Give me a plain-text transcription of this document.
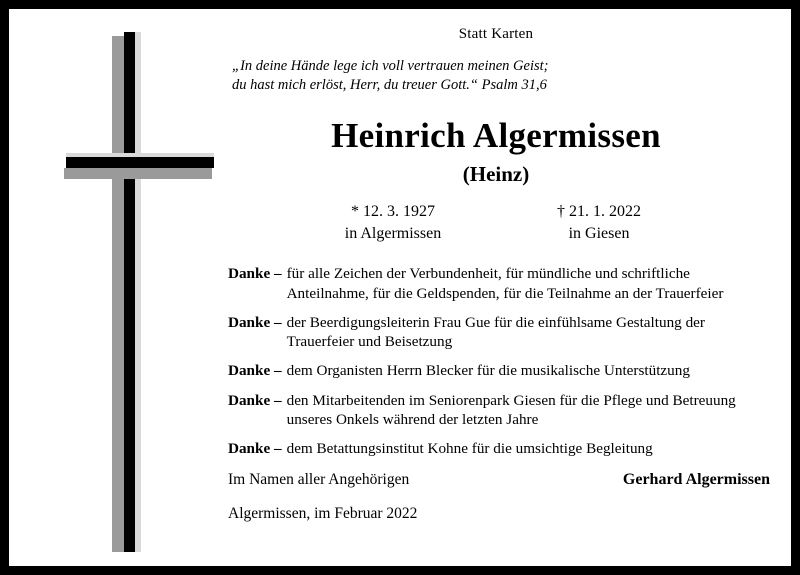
Statt Karten
„In deine Hände lege ich voll vertrauen meinen Geist;
du hast mich erlöst, Herr, du treuer Gott.“ Psalm 31,6
Heinrich Algermissen
(Heinz)
* 12. 3. 1927
in Algermissen
† 21. 1. 2022
in Giesen
Danke – für alle Zeichen der Verbundenheit, für mündliche und schriftliche Anteilnahme, für die Geldspenden, für die Teilnahme an der Trauerfeier
Danke – der Beerdigungsleiterin Frau Gue für die einfühlsame Gestaltung der Trauerfeier und Beisetzung
Danke – dem Organisten Herrn Blecker für die musikalische Unterstützung
Danke – den Mitarbeitenden im Seniorenpark Giesen für die Pflege und Betreuung unseres Onkels während der letzten Jahre
Danke – dem Betattungsinstitut Kohne für die umsichtige Begleitung
Im Namen aller Angehörigen	Gerhard Algermissen
Algermissen, im Februar 2022
